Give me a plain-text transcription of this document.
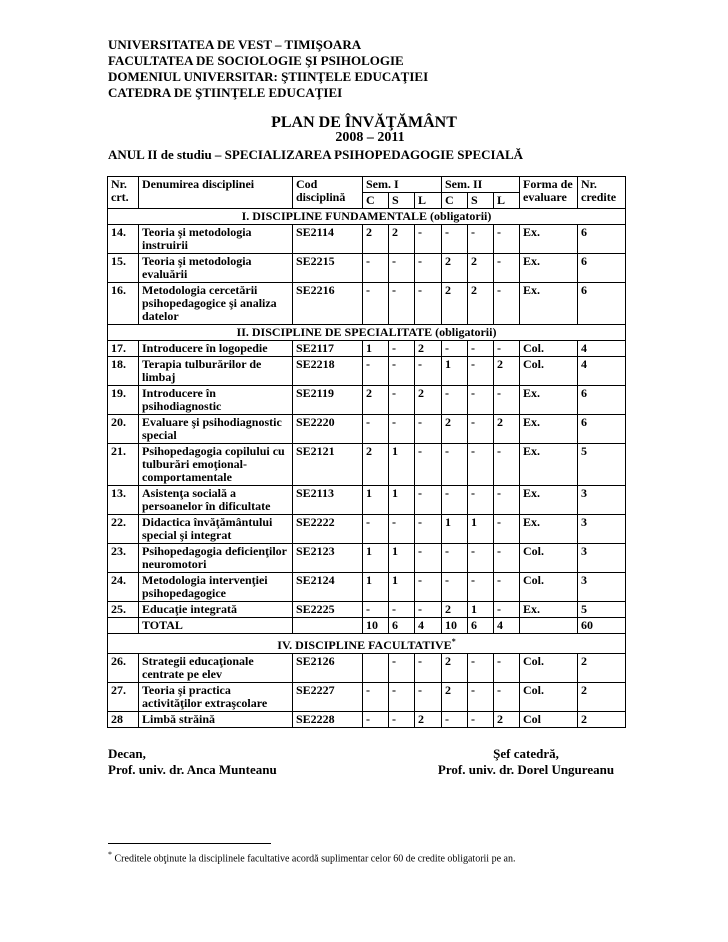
UNIVERSITATEA DE VEST – TIMIŞOARA
FACULTATEA DE SOCIOLOGIE ŞI PSIHOLOGIE
DOMENIUL UNIVERSITAR: ŞTIINŢELE EDUCAŢIEI
CATEDRA DE ŞTIINŢELE EDUCAŢIEI
PLAN DE ÎNVĂŢĂMÂNT
2008 – 2011
ANUL II de studiu – SPECIALIZAREA PSIHOPEDAGOGIE SPECIALĂ
Nr. crt.	Denumirea disciplinei	Cod disciplină	Sem. I			Sem. II			Forma de evaluare	Nr. credite
			C	S	L	C	S	L		
I. DISCIPLINE FUNDAMENTALE (obligatorii)										
14.	Teoria şi metodologia instruirii	SE2114	2	2	-	-	-	-	Ex.	6
15.	Teoria şi metodologia evaluării	SE2215	-	-	-	2	2	-	Ex.	6
16.	Metodologia cercetării psihopedagogice şi analiza datelor	SE2216	-	-	-	2	2	-	Ex.	6
II. DISCIPLINE DE SPECIALITATE (obligatorii)										
17.	Introducere în logopedie	SE2117	1	-	2	-	-	-	Col.	4
18.	Terapia tulburărilor de limbaj	SE2218	-	-	-	1	-	2	Col.	4
19.	Introducere în psihodiagnostic	SE2119	2	-	2	-	-	-	Ex.	6
20.	Evaluare şi psihodiagnostic special	SE2220	-	-	-	2	-	2	Ex.	6
21.	Psihopedagogia copilului cu tulburări emoţional-comportamentale	SE2121	2	1	-	-	-	-	Ex.	5
13.	Asistenţa socială a persoanelor în dificultate	SE2113	1	1	-	-	-	-	Ex.	3
22.	Didactica învăţământului special şi integrat	SE2222	-	-	-	1	1	-	Ex.	3
23.	Psihopedagogia deficienţilor neuromotori	SE2123	1	1	-	-	-	-	Col.	3
24.	Metodologia intervenţiei psihopedagogice	SE2124	1	1	-	-	-	-	Col.	3
25.	Educaţie integrată	SE2225	-	-	-	2	1	-	Ex.	5
	TOTAL		10	6	4	10	6	4		60
IV. DISCIPLINE FACULTATIVE*
26.	Strategii educaţionale centrate pe elev	SE2126		-	-	2	-	-	Col.	2
27.	Teoria şi practica activităţilor extraşcolare	SE2227	-	-	-	2	-	-	Col.	2
28	Limbă străină	SE2228	-	-	2	-	-	2	Col	2
Decan,
Prof. univ. dr. Anca Munteanu
Şef catedră,
Prof. univ. dr. Dorel Ungureanu
* Creditele obţinute la disciplinele facultative acordă suplimentar celor 60 de credite obligatorii pe an.
